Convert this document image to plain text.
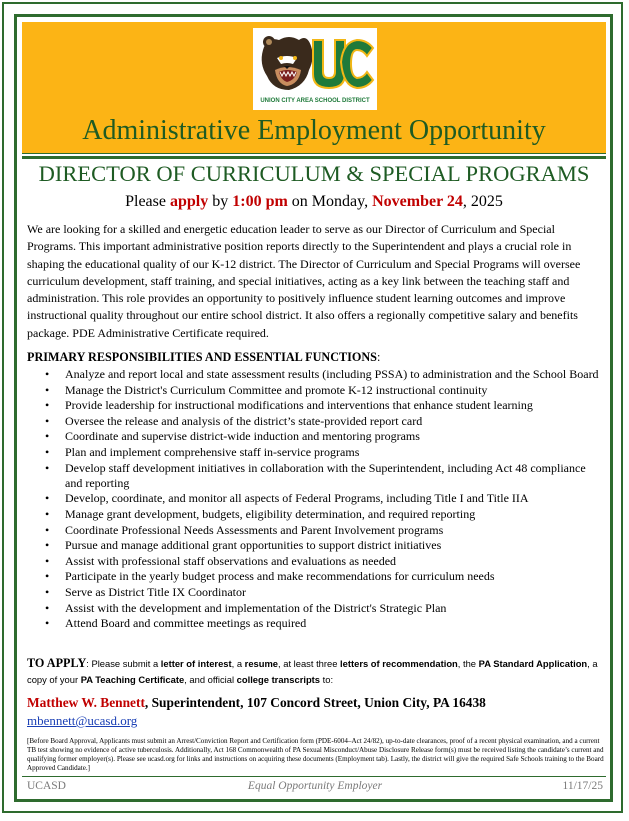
UNION CITY AREA SCHOOL DISTRICT
Administrative Employment Opportunity
DIRECTOR OF CURRICULUM & SPECIAL PROGRAMS
Please apply by 1:00 pm on Monday, November 24, 2025

We are looking for a skilled and energetic education leader to serve as our Director of Curriculum and Special Programs. This important administrative position reports directly to the Superintendent and plays a crucial role in shaping the educational quality of our K-12 district. The Director of Curriculum and Special Programs will oversee curriculum development, staff training, and special initiatives, acting as a key link between the teaching staff and administration. This role provides an opportunity to positively influence student learning outcomes and improve instructional quality throughout our entire school district. It also offers a regionally competitive salary and benefits package. PDE Administrative Certificate required.

PRIMARY RESPONSIBILITIES AND ESSENTIAL FUNCTIONS:
• Analyze and report local and state assessment results (including PSSA) to administration and the School Board
• Manage the District's Curriculum Committee and promote K-12 instructional continuity
• Provide leadership for instructional modifications and interventions that enhance student learning
• Oversee the release and analysis of the district’s state-provided report card
• Coordinate and supervise district-wide induction and mentoring programs
• Plan and implement comprehensive staff in-service programs
• Develop staff development initiatives in collaboration with the Superintendent, including Act 48 compliance and reporting
• Develop, coordinate, and monitor all aspects of Federal Programs, including Title I and Title IIA
• Manage grant development, budgets, eligibility determination, and required reporting
• Coordinate Professional Needs Assessments and Parent Involvement programs
• Pursue and manage additional grant opportunities to support district initiatives
• Assist with professional staff observations and evaluations as needed
• Participate in the yearly budget process and make recommendations for curriculum needs
• Serve as District Title IX Coordinator
• Assist with the development and implementation of the District's Strategic Plan
• Attend Board and committee meetings as required

TO APPLY: Please submit a letter of interest, a resume, at least three letters of recommendation, the PA Standard Application, a copy of your PA Teaching Certificate, and official college transcripts to:

Matthew W. Bennett, Superintendent, 107 Concord Street, Union City, PA 16438
mbennett@ucasd.org

[Before Board Approval, Applicants must submit an Arrest/Conviction Report and Certification form (PDE-6004–Act 24/82), up-to-date clearances, proof of a recent physical examination, and a current TB test showing no evidence of active tuberculosis. Additionally, Act 168 Commonwealth of PA Sexual Misconduct/Abuse Disclosure Release form(s) must be received listing the candidate’s current and qualifying former employer(s). Please see ucasd.org for links and instructions on acquiring these documents (Employment tab). Lastly, the district will give the required Safe Schools training to the Board Approved Candidate.]

UCASD	Equal Opportunity Employer	11/17/25
